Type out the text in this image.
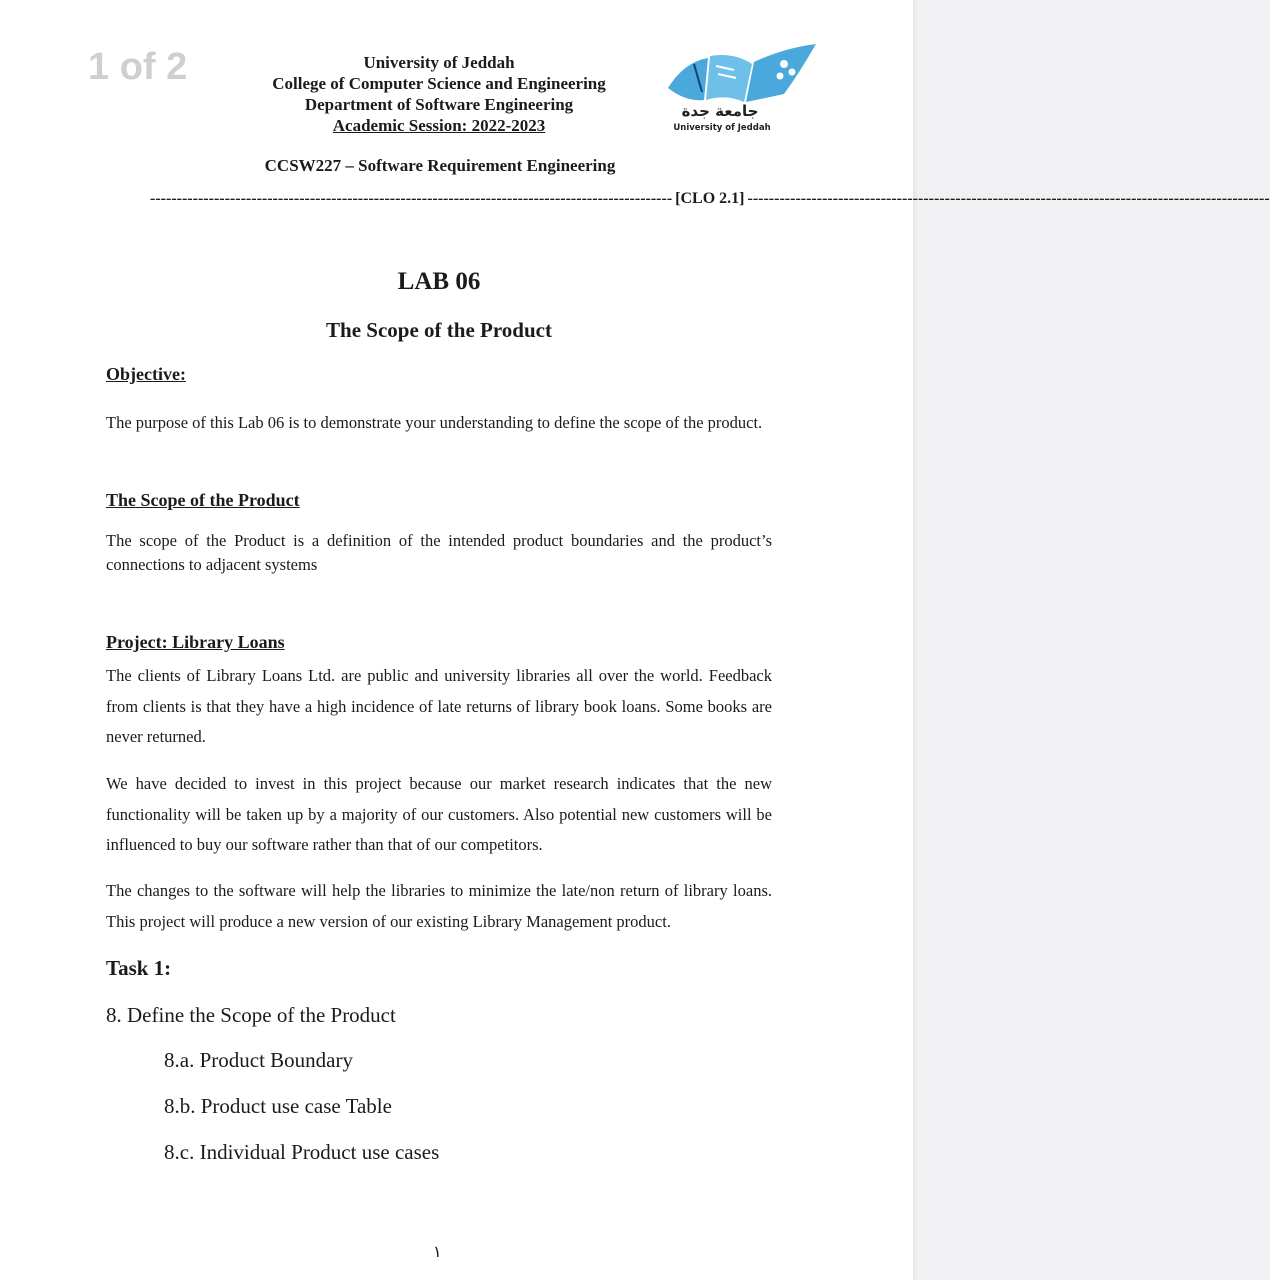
1 of 2	University of Jeddah
College of Computer Science and Engineering
Department of Software Engineering
Academic Session: 2022-2023
جامعة جدة
University of Jeddah
CCSW227 – Software Requirement Engineering
-------------------------------------------------------------------------------------------------- [CLO 2.1] --------------------------------------------------------------------------------------------------
LAB 06
The Scope of the Product
Objective:
The purpose of this Lab 06 is to demonstrate your understanding to define the scope of the product.
The Scope of the Product
The scope of the Product is a definition of the intended product boundaries and the product’s connections to adjacent systems
Project: Library Loans
The clients of Library Loans Ltd. are public and university libraries all over the world. Feedback from clients is that they have a high incidence of late returns of library book loans. Some books are never returned.
We have decided to invest in this project because our market research indicates that the new functionality will be taken up by a majority of our customers. Also potential new customers will be influenced to buy our software rather than that of our competitors.
The changes to the software will help the libraries to minimize the late/non return of library loans. This project will produce a new version of our existing Library Management product.
Task 1:
8. Define the Scope of the Product
8.a. Product Boundary
8.b. Product use case Table
8.c. Individual Product use cases
١
